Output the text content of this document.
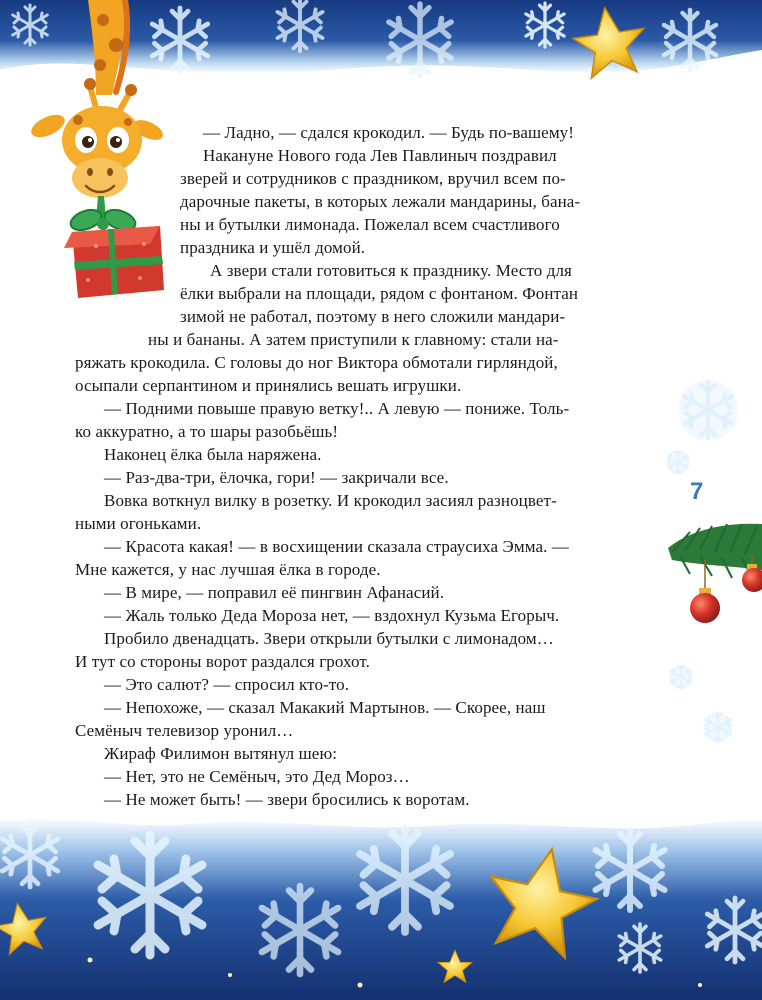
— Ладно, — сдался крокодил. — Будь по-вашему!
Накануне Нового года Лев Павлиныч поздравил
зверей и сотрудников с праздником, вручил всем по-
дарочные пакеты, в которых лежали мандарины, бана-
ны и бутылки лимонада. Пожелал всем счастливого
праздника и ушёл домой.
А звери стали готовиться к празднику. Место для
ёлки выбрали на площади, рядом с фонтаном. Фонтан
зимой не работал, поэтому в него сложили мандари-
ны и бананы. А затем приступили к главному: стали на-
ряжать крокодила. С головы до ног Виктора обмотали гирляндой,
осыпали серпантином и принялись вешать игрушки.
— Подними повыше правую ветку!.. А левую — пониже. Толь-
ко аккуратно, а то шары разобьёшь!
Наконец ёлка была наряжена.
— Раз-два-три, ёлочка, гори! — закричали все.
Вовка воткнул вилку в розетку. И крокодил засиял разноцвет-
ными огоньками.
— Красота какая! — в восхищении сказала страусиха Эмма. —
Мне кажется, у нас лучшая ёлка в городе.
— В мире, — поправил её пингвин Афанасий.
— Жаль только Деда Мороза нет, — вздохнул Кузьма Егорыч.
Пробило двенадцать. Звери открыли бутылки с лимонадом…
И тут со стороны ворот раздался грохот.
— Это салют? — спросил кто-то.
— Непохоже, — сказал Макакий Мартынов. — Скорее, наш
Семёныч телевизор уронил…
Жираф Филимон вытянул шею:
— Нет, это не Семёныч, это Дед Мороз…
— Не может быть! — звери бросились к воротам.
7
